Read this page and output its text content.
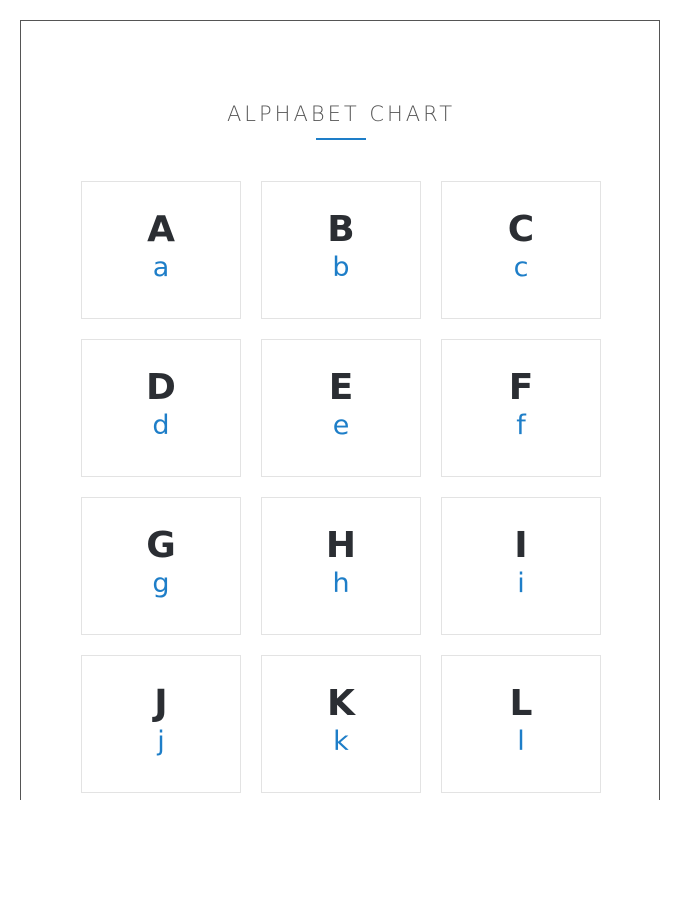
ALPHABET CHART
A
a
B
b
C
c
D
d
E
e
F
f
G
g
H
h
I
i
J
j
K
k
L
l
